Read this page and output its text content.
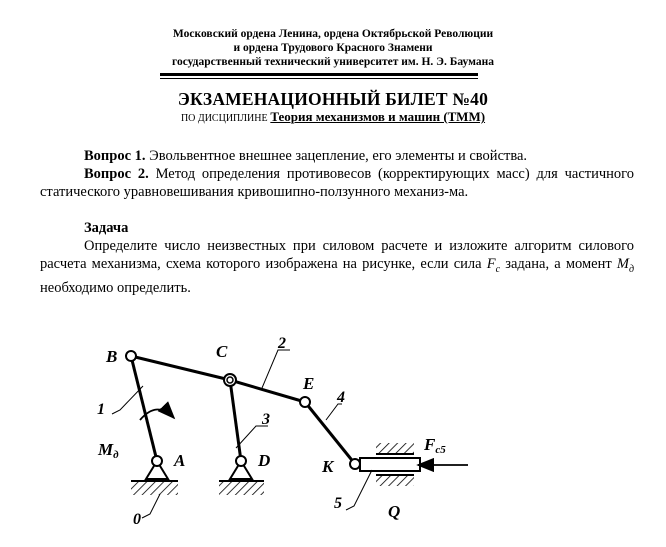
Московский ордена Ленина, ордена Октябрьской Революции
и ордена Трудового Красного Знамени
государственный технический университет им. Н. Э. Баумана
ЭКЗАМЕНАЦИОННЫЙ БИЛЕТ №40
ПО ДИСЦИПЛИНЕ Теория механизмов и машин (ТММ)
Вопрос 1. Эвольвентное внешнее зацепление, его элементы и свойства.
Вопрос 2. Метод определения противовесов (корректирующих масс) для частичного статического уравновешивания кривошипно-ползунного механиз-ма.
Задача
Определите число неизвестных при силовом расчете и изложите алгоритм силового расчета механизма, схема которого изображена на рисунке, если сила $F_c$ задана, а момент $M_д$ необходимо определить.
B	C
E
A	D	K
Q
0
1
2
3
4
5
Mд
Fc5
